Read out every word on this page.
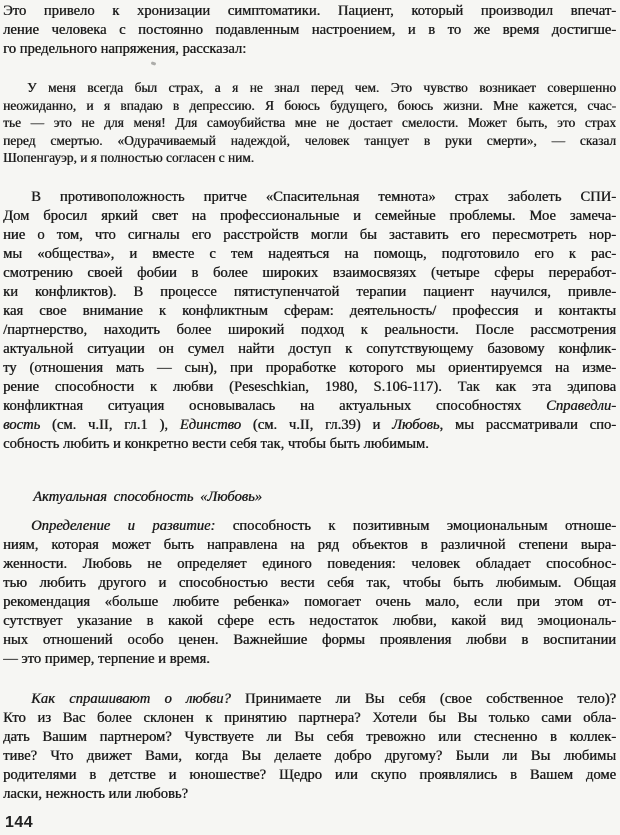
Это привело к хронизации симптоматики. Пациент, который производил впечат-
ление человека с постоянно подавленным настроением, и в то же время достигше-
го предельного напряжения, рассказал:
У меня всегда был страх, а я не знал перед чем. Это чувство возникает совершенно
неожиданно, и я впадаю в депрессию. Я боюсь будущего, боюсь жизни. Мне кажется, счас-
тье — это не для меня! Для самоубийства мне не достает смелости. Может быть, это страх
перед смертью. «Одурачиваемый надеждой, человек танцует в руки смерти», — сказал
Шопенгауэр, и я полностью согласен с ним.
В противоположность притче «Спасительная темнота» страх заболеть СПИ-
Дом бросил яркий свет на профессиональные и семейные проблемы. Мое замеча-
ние о том, что сигналы его расстройств могли бы заставить его пересмотреть нор-
мы «общества», и вместе с тем надеяться на помощь, подготовило его к рас-
смотрению своей фобии в более широких взаимосвязях (четыре сферы переработ-
ки конфликтов). В процессе пятиступенчатой терапии пациент научился, привле-
кая свое внимание к конфликтным сферам: деятельность/ профессия и контакты
/партнерство, находить более широкий подход к реальности. После рассмотрения
актуальной ситуации он сумел найти доступ к сопутствующему базовому конфлик-
ту (отношения мать — сын), при проработке которого мы ориентируемся на изме-
рение способности к любви (Peseschkian, 1980, S.106-117). Так как эта эдипова
конфликтная ситуация основывалась на актуальных способностях Справедли-
вость (см. ч.II, гл.1 ), Единство (см. ч.II, гл.39) и Любовь, мы рассматривали спо-
собность любить и конкретно вести себя так, чтобы быть любимым.
Актуальная способность «Любовь»
Определение и развитие: способность к позитивным эмоциональным отноше-
ниям, которая может быть направлена на ряд объектов в различной степени выра-
женности. Любовь не определяет единого поведения: человек обладает способнос-
тью любить другого и способностью вести себя так, чтобы быть любимым. Общая
рекомендация «больше любите ребенка» помогает очень мало, если при этом от-
сутствует указание в какой сфере есть недостаток любви, какой вид эмоциональ-
ных отношений особо ценен. Важнейшие формы проявления любви в воспитании
— это пример, терпение и время.
Как спрашивают о любви? Принимаете ли Вы себя (свое собственное тело)?
Кто из Вас более склонен к принятию партнера? Хотели бы Вы только сами обла-
дать Вашим партнером? Чувствуете ли Вы себя тревожно или стесненно в коллек-
тиве? Что движет Вами, когда Вы делаете добро другому? Были ли Вы любимы
родителями в детстве и юношестве? Щедро или скупо проявлялись в Вашем доме
ласки, нежность или любовь?
144
